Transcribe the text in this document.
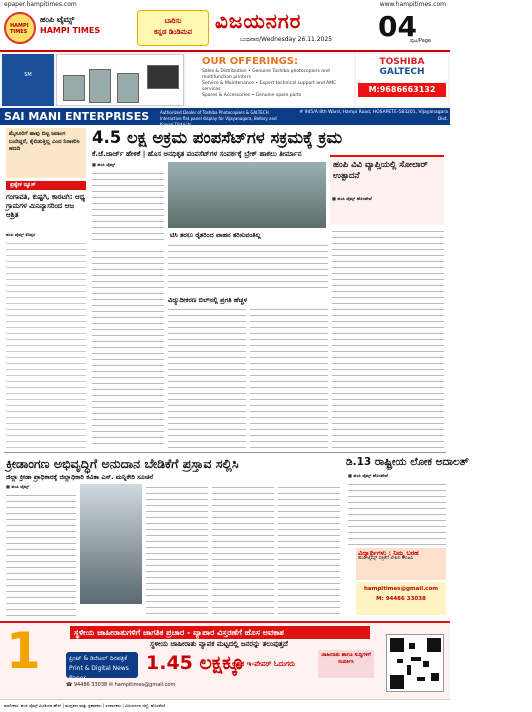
epaper.hampitimes.com	www.hampitimes.com
HAMPI TIMES
ಹಂಪಿ ಟೈಮ್ಸ್
HAMPI TIMES
ಬಾರಿಸು
ಕನ್ನಡ ಡಿಂಡಿಮವ	ವಿಜಯನಗರ
ಬುಧವಾರ/Wednesday 26.11.2025 04
ಪುಟ/Page
SM
OUR OFFERINGS:
Sales & Distribution • Genuine Toshiba photocopiers and multifunction printers
Service & Maintenance • Expert technical support and AMC services
Spares & Accessories • Genuine spare parts
TOSHIBA GALTECH
M:9686663132
SAI MANI ENTERPRISES	Authorized Dealer of Toshiba Photocopiers & GALTECH Interactive flat panel display for Vijayanagara, Bellary and Koppal Districts
# 945/A 8th Ward, Hampi Road, HOSAPETE-583201, Vijayanagara Dist.

ಮೈಸೂರಿಗೆ ಹಾವು ಬಿಟ್ಟ ಜನಾಂಗ ಬಂದಿದ್ದರೆ, ಕೈಬಿಡುತ್ತಿಲ್ಲ ಎಂದ ನಿರಾಕರಿಸಿ ಹಣದಿ

ಪ್ರತ್ಯೇಕ ನ್ಯೂಸ್
ಗಂಗಾವತಿ, ಕುಷ್ಟಗಿ, ಕಾರಟಗಿ: ಆಧ್ಯ ಗ್ರಾಮಗಳ ಮಿನಿನ್ಯಾಸರಿಂದ ಆಜ ಆಶ್ರಿತ
ಹಂಪಿ ಟೈಮ್ಸ್ ಕೊಪ್ಪಳ
4.5 ಲಕ್ಷ ಅಕ್ರಮ ಪಂಪಸೆಟ್‌ಗಳ ಸಕ್ರಮಕ್ಕೆ ಕ್ರಮ
ಕೆ.ಜೆ.ಜಾರ್ಜ್ ಹೇಳಿಕೆ | ಹೊಸ ಅನಧಿಕೃತ ಪಂಪಸೆಟ್‌ಗಳ ಸಂಪರ್ಕಕ್ಕೆ ಬ್ರೇಕ್ ಹಾಕಲು ತೀರ್ಮಾನ
■ ಹಂಪಿ ಟೈಮ್ಸ್
ಟಿಸಿ ತರಲು ರೈತರಿಂದ ವಾಹನ ತರಿಸುವಂತಿಲ್ಲ
ವಿದ್ಯುದೀಕರಣ ಬಿಲ್‌ನಲ್ಲಿ ಪ್ರಗತಿ ಹೆಚ್ಚಳ
ಹಂಪಿ ವಿವಿ ವ್ಯಾಪ್ತಿಯಲ್ಲಿ ಸೋಲಾರ್ ಉತ್ಪಾದನೆ
■ ಹಂಪಿ ಟೈಮ್ಸ್ ಹೊಸಪೇಟೆ
ಕ್ರೀಡಾಂಗಣ ಅಭಿವೃದ್ಧಿಗೆ ಅನುದಾನ ಬೇಡಿಕೆಗೆ ಪ್ರಸ್ತಾವ ಸಲ್ಲಿಸಿ
ಜಿಲ್ಲಾ ಕ್ರೀಡಾ ಪ್ರಾಧಿಕಾರಕ್ಕೆ ಜಿಲ್ಲಾಧಿಕಾರಿ ಕವಿತಾ ಎಸ್. ಮನ್ನಿಕೇರಿ ಸೂಚನೆ
■ ಹಂಪಿ ಟೈಮ್ಸ್
ಡಿ.13 ರಾಷ್ಟ್ರೀಯ ಲೋಕ ಅದಾಲತ್
■ ಹಂಪಿ ಟೈಮ್ಸ್ ಹೊಸಪೇಟೆ
ವಿದ್ಯಾರ್ಥಿಗಳು : ನಿಮ್ಮ ಬರಹ
ಹಂಪಿ ಟೈಮ್ಸ್ ಪತ್ರಿಕೆಗೆ ಲೇಖನ ಕಳುಹಿಸಿ
hampitimes@gmail.com
M: 94486 33038
1	ಸ್ಥಳೀಯ ಜಾಹೀರಾತುಗಳಿಗೆ ಜಾಗತಿಕ ಪ್ರಚಾರ - ವ್ಯಾಪಾರ ವಿಸ್ತರಣೆಗೆ ಹೊಸ ಅವಕಾಶ
ಸ್ಥಳೀಯ ಜಾಹೀರಾತು ವ್ಯಾಪಕ ಮಟ್ಟದಲ್ಲಿ ಜನರನ್ನು ತಲುಪುತ್ತದೆ
ಪ್ರಿಂಟ್ & ಡಿಜಿಟಲ್ ದಿನಪತ್ರಿಕೆ
Print & Digital News Paper
1.45 ಲಕ್ಷಕ್ಕೂ
ಅಧಿಕ ಇ-ಪೇಪರ್ ಓದುಗರು
☎ 94486 33038 ✉ hampitimes@gmail.com
ಜಾಹೀರಾತು ಹಾಗೂ ಸುದ್ದಿಗಳಿಗೆ ಸಂಪರ್ಕಿಸಿ
ಮಾಲೀಕರು: ಹಂಪಿ ಟೈಮ್ಸ್ ಮೀಡಿಯಾ ಹೌಸ್ | ಮುದ್ರಕರು ಮತ್ತು ಪ್ರಕಾಶಕರು | ಸಂಪಾದಕರು | ವಿಜಯನಗರ ಜಿಲ್ಲೆ, ಹೊಸಪೇಟೆ
